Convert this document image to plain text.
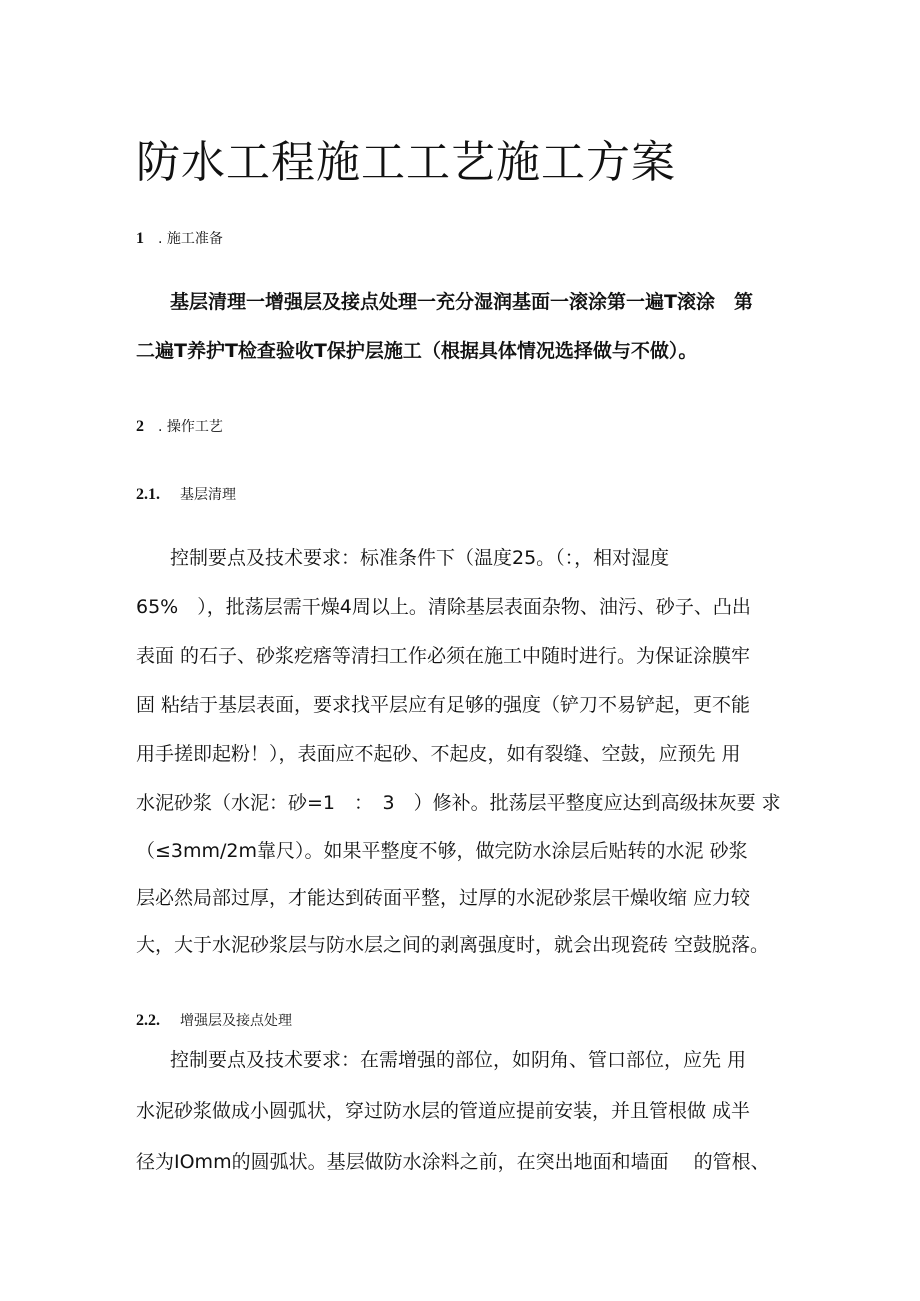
防水工程施工工艺施工方案
1	. 施工准备
基层清理一增强层及接点处理一充分湿润基面一滚涂第一遍T滚涂　第
二遍T养护T检查验收T保护层施工（根据具体情况选择做与不做）。
2	. 操作工艺
2.1.	基层清理
控制要点及技术要求：标准条件下（温度25。（：，相对湿度
65%　），批荡层需干燥4周以上。清除基层表面杂物、油污、砂子、凸出
表面 的石子、砂浆疙瘩等清扫工作必须在施工中随时进行。为保证涂膜牢
固 粘结于基层表面，要求找平层应有足够的强度（铲刀不易铲起，更不能
用手搓即起粉！），表面应不起砂、不起皮，如有裂缝、空鼓，应预先 用
水泥砂浆（水泥：砂=1　：　3　）修补。批荡层平整度应达到高级抹灰要 求
（≤3mm/2m靠尺）。如果平整度不够，做完防水涂层后贴转的水泥 砂浆
层必然局部过厚，才能达到砖面平整，过厚的水泥砂浆层干燥收缩 应力较
大，大于水泥砂浆层与防水层之间的剥离强度时，就会出现瓷砖 空鼓脱落。
2.2.	增强层及接点处理
控制要点及技术要求：在需增强的部位，如阴角、管口部位，应先 用
水泥砂浆做成小圆弧状，穿过防水层的管道应提前安装，并且管根做 成半
径为IOmm的圆弧状。基层做防水涂料之前，在突出地面和墙面　 的管根、
